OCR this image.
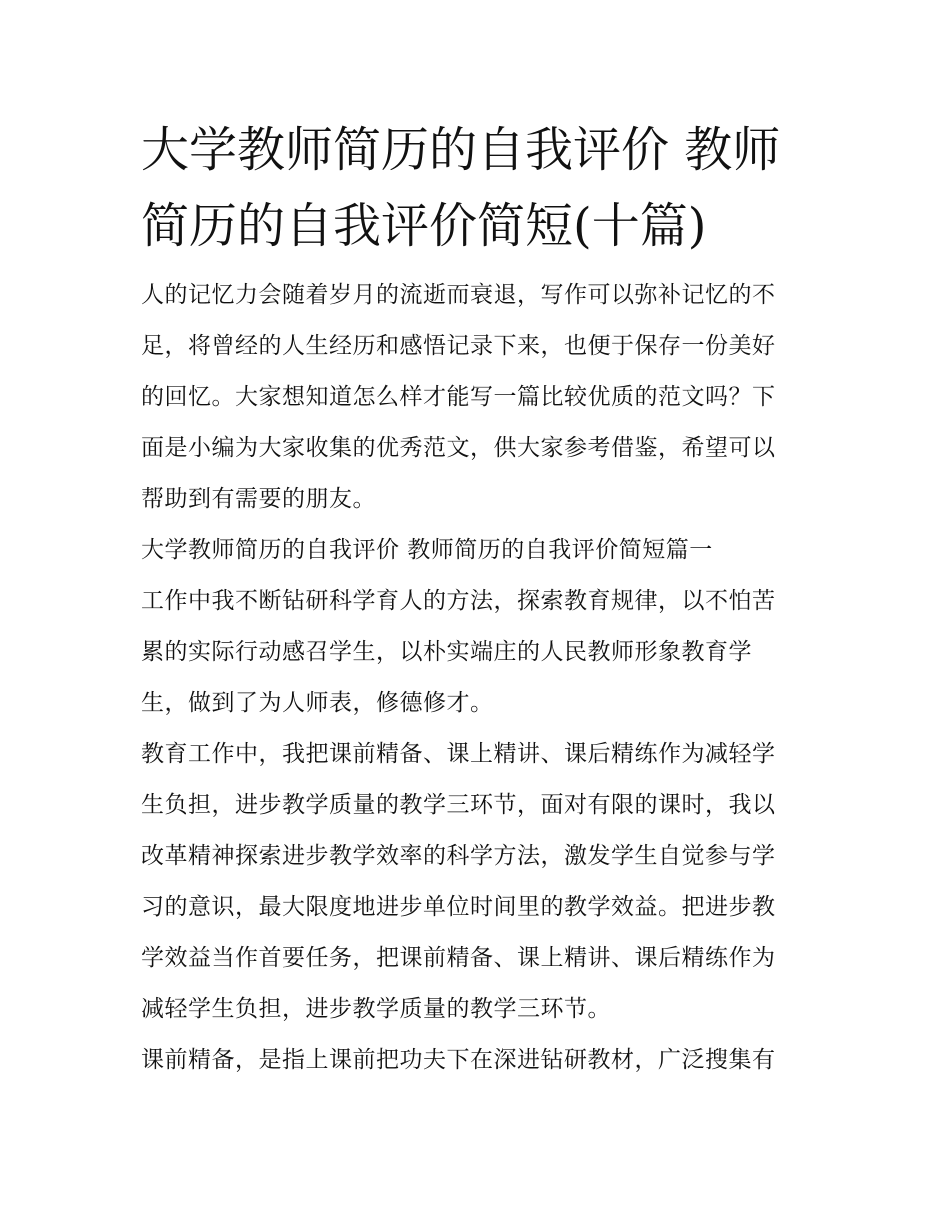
大学教师简历的自我评价 教师
简历的自我评价简短(十篇)
人的记忆力会随着岁月的流逝而衰退，写作可以弥补记忆的不
足，将曾经的人生经历和感悟记录下来，也便于保存一份美好
的回忆。大家想知道怎么样才能写一篇比较优质的范文吗？下
面是小编为大家收集的优秀范文，供大家参考借鉴，希望可以
帮助到有需要的朋友。
大学教师简历的自我评价 教师简历的自我评价简短篇一
工作中我不断钻研科学育人的方法，探索教育规律，以不怕苦
累的实际行动感召学生，以朴实端庄的人民教师形象教育学
生，做到了为人师表，修德修才。
教育工作中，我把课前精备、课上精讲、课后精练作为减轻学
生负担，进步教学质量的教学三环节，面对有限的课时，我以
改革精神探索进步教学效率的科学方法，激发学生自觉参与学
习的意识，最大限度地进步单位时间里的教学效益。把进步教
学效益当作首要任务，把课前精备、课上精讲、课后精练作为
减轻学生负担，进步教学质量的教学三环节。
课前精备，是指上课前把功夫下在深进钻研教材，广泛搜集有
